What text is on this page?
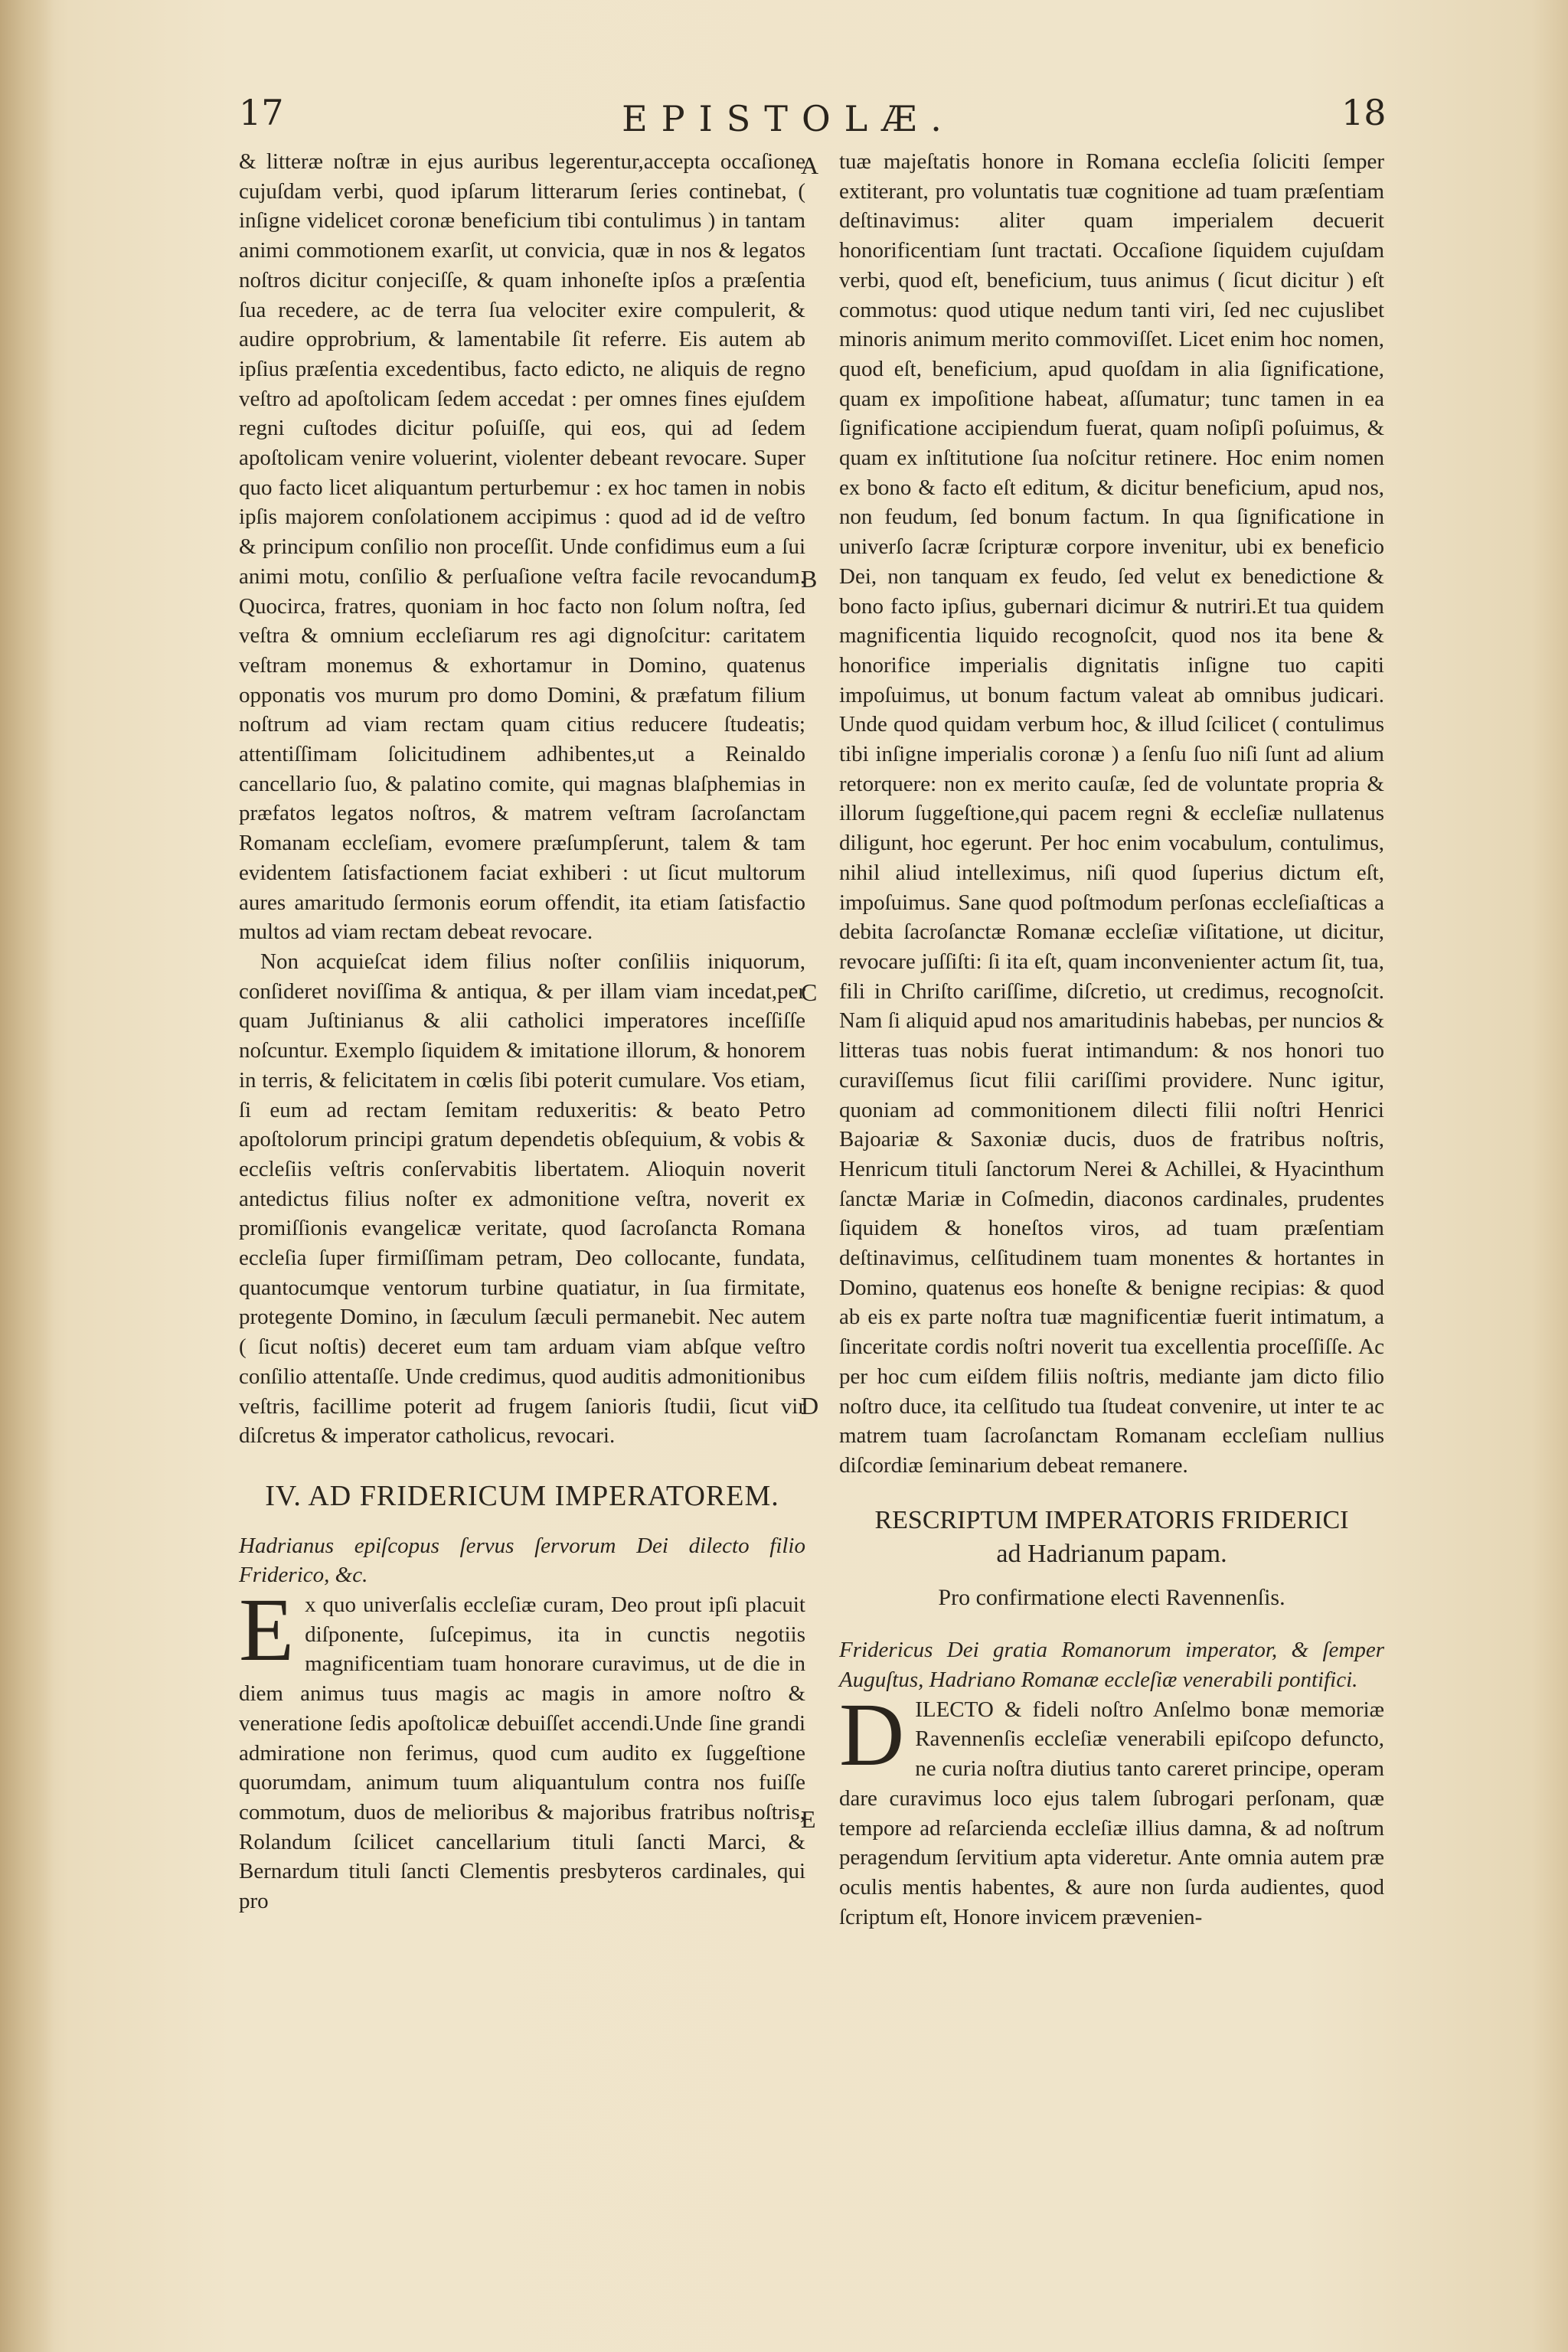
17	EPISTOLÆ.	18

& litteræ noſtræ in ejus auribus legerentur,accepta occaſione cujuſdam verbi, quod ipſarum litterarum ſeries continebat, ( inſigne videlicet coronæ beneficium tibi contulimus ) in tantam animi commotionem exarſit, ut convicia, quæ in nos & legatos noſtros dicitur conjeciſſe, & quam inhoneſte ipſos a præſentia ſua recedere, ac de terra ſua velociter exire compulerit, & audire opprobrium, & lamentabile ſit referre. Eis autem ab ipſius præſentia excedentibus, facto edicto, ne aliquis de regno veſtro ad apoſtolicam ſedem accedat : per omnes fines ejuſdem regni cuſtodes dicitur poſuiſſe, qui eos, qui ad ſedem apoſtolicam venire voluerint, violenter debeant revocare. Super quo facto licet aliquantum perturbemur : ex hoc tamen in nobis ipſis majorem conſolationem accipimus : quod ad id de veſtro & principum conſilio non proceſſit. Unde confidimus eum a ſui animi motu, conſilio & perſuaſione veſtra facile revocandum. Quocirca, fratres, quoniam in hoc facto non ſolum noſtra, ſed veſtra & omnium eccleſiarum res agi dignoſcitur: caritatem veſtram monemus & exhortamur in Domino, quatenus opponatis vos murum pro domo Domini, & præfatum filium noſtrum ad viam rectam quam citius reducere ſtudeatis; attentiſſimam ſolicitudinem adhibentes,ut a Reinaldo cancellario ſuo, & palatino comite, qui magnas blaſphemias in præfatos legatos noſtros, & matrem veſtram ſacroſanctam Romanam eccleſiam, evomere præſumpſerunt, talem & tam evidentem ſatisfactionem faciat exhiberi : ut ſicut multorum aures amaritudo ſermonis eorum offendit, ita etiam ſatisfactio multos ad viam rectam debeat revocare.

Non acquieſcat idem filius noſter conſiliis iniquorum, conſideret noviſſima & antiqua, & per illam viam incedat,per quam Juſtinianus & alii catholici imperatores inceſſiſſe noſcuntur. Exemplo ſiquidem & imitatione illorum, & honorem in terris, & felicitatem in cœlis ſibi poterit cumulare. Vos etiam, ſi eum ad rectam ſemitam reduxeritis: & beato Petro apoſtolorum principi gratum dependetis obſequium, & vobis & eccleſiis veſtris conſervabitis libertatem. Alioquin noverit antedictus filius noſter ex admonitione veſtra, noverit ex promiſſionis evangelicæ veritate, quod ſacroſancta Romana eccleſia ſuper firmiſſimam petram, Deo collocante, fundata, quantocumque ventorum turbine quatiatur, in ſua firmitate, protegente Domino, in ſæculum ſæculi permanebit. Nec autem ( ſicut noſtis) deceret eum tam arduam viam abſque veſtro conſilio attentaſſe. Unde credimus, quod auditis admonitionibus veſtris, facillime poterit ad frugem ſanioris ſtudii, ſicut vir diſcretus & imperator catholicus, revocari.

IV. AD FRIDERICUM IMPERATOREM.

Hadrianus epiſcopus ſervus ſervorum Dei dilecto filio Friderico, &c.

Ex quo univerſalis eccleſiæ curam, Deo prout ipſi placuit diſponente, ſuſcepimus, ita in cunctis negotiis magnificentiam tuam honorare curavimus, ut de die in diem animus tuus magis ac magis in amore noſtro & veneratione ſedis apoſtolicæ debuiſſet accendi.Unde ſine grandi admiratione non ferimus, quod cum audito ex ſuggeſtione quorumdam, animum tuum aliquantulum contra nos fuiſſe commotum, duos de melioribus & majoribus fratribus noſtris, Rolandum ſcilicet cancellarium tituli ſancti Marci, & Bernardum tituli ſancti Clementis presbyteros cardinales, qui pro

A
B
C
D
E

tuæ majeſtatis honore in Romana eccleſia ſoliciti ſemper extiterant, pro voluntatis tuæ cognitione ad tuam præſentiam deſtinavimus: aliter quam imperialem decuerit honorificentiam ſunt tractati. Occaſione ſiquidem cujuſdam verbi, quod eſt, beneficium, tuus animus ( ſicut dicitur ) eſt commotus: quod utique nedum tanti viri, ſed nec cujuslibet minoris animum merito commoviſſet. Licet enim hoc nomen, quod eſt, beneficium, apud quoſdam in alia ſignificatione, quam ex impoſitione habeat, aſſumatur; tunc tamen in ea ſignificatione accipiendum fuerat, quam noſipſi poſuimus, & quam ex inſtitutione ſua noſcitur retinere. Hoc enim nomen ex bono & facto eſt editum, & dicitur beneficium, apud nos, non feudum, ſed bonum factum. In qua ſignificatione in univerſo ſacræ ſcripturæ corpore invenitur, ubi ex beneficio Dei, non tanquam ex feudo, ſed velut ex benedictione & bono facto ipſius, gubernari dicimur & nutriri.Et tua quidem magnificentia liquido recognoſcit, quod nos ita bene & honorifice imperialis dignitatis inſigne tuo capiti impoſuimus, ut bonum factum valeat ab omnibus judicari. Unde quod quidam verbum hoc, & illud ſcilicet ( contulimus tibi inſigne imperialis coronæ ) a ſenſu ſuo niſi ſunt ad alium retorquere: non ex merito cauſæ, ſed de voluntate propria & illorum ſuggeſtione,qui pacem regni & eccleſiæ nullatenus diligunt, hoc egerunt. Per hoc enim vocabulum, contulimus, nihil aliud intelleximus, niſi quod ſuperius dictum eſt, impoſuimus. Sane quod poſtmodum perſonas eccleſiaſticas a debita ſacroſanctæ Romanæ eccleſiæ viſitatione, ut dicitur, revocare juſſiſti: ſi ita eſt, quam inconvenienter actum ſit, tua, fili in Chriſto cariſſime, diſcretio, ut credimus, recognoſcit. Nam ſi aliquid apud nos amaritudinis habebas, per nuncios & litteras tuas nobis fuerat intimandum: & nos honori tuo curaviſſemus ſicut filii cariſſimi providere. Nunc igitur, quoniam ad commonitionem dilecti filii noſtri Henrici Bajoariæ & Saxoniæ ducis, duos de fratribus noſtris, Henricum tituli ſanctorum Nerei & Achillei, & Hyacinthum ſanctæ Mariæ in Coſmedin, diaconos cardinales, prudentes ſiquidem & honeſtos viros, ad tuam præſentiam deſtinavimus, celſitudinem tuam monentes & hortantes in Domino, quatenus eos honeſte & benigne recipias: & quod ab eis ex parte noſtra tuæ magnificentiæ fuerit intimatum, a ſinceritate cordis noſtri noverit tua excellentia proceſſiſſe. Ac per hoc cum eiſdem filiis noſtris, mediante jam dicto filio noſtro duce, ita celſitudo tua ſtudeat convenire, ut inter te ac matrem tuam ſacroſanctam Romanam eccleſiam nullius diſcordiæ ſeminarium debeat remanere.

RESCRIPTUM IMPERATORIS FRIDERICI
ad Hadrianum papam.
Pro confirmatione electi Ravennenſis.

Fridericus Dei gratia Romanorum imperator, & ſemper Auguſtus, Hadriano Romanæ eccleſiæ venerabili pontifici.

DILECTO & fideli noſtro Anſelmo bonæ memoriæ Ravennenſis eccleſiæ venerabili epiſcopo defuncto, ne curia noſtra diutius tanto careret principe, operam dare curavimus loco ejus talem ſubrogari perſonam, quæ tempore ad reſarcienda eccleſiæ illius damna, & ad noſtrum peragendum ſervitium apta videretur. Ante omnia autem præ oculis mentis habentes, & aure non ſurda audientes, quod ſcriptum eſt, Honore invicem prævenien-
